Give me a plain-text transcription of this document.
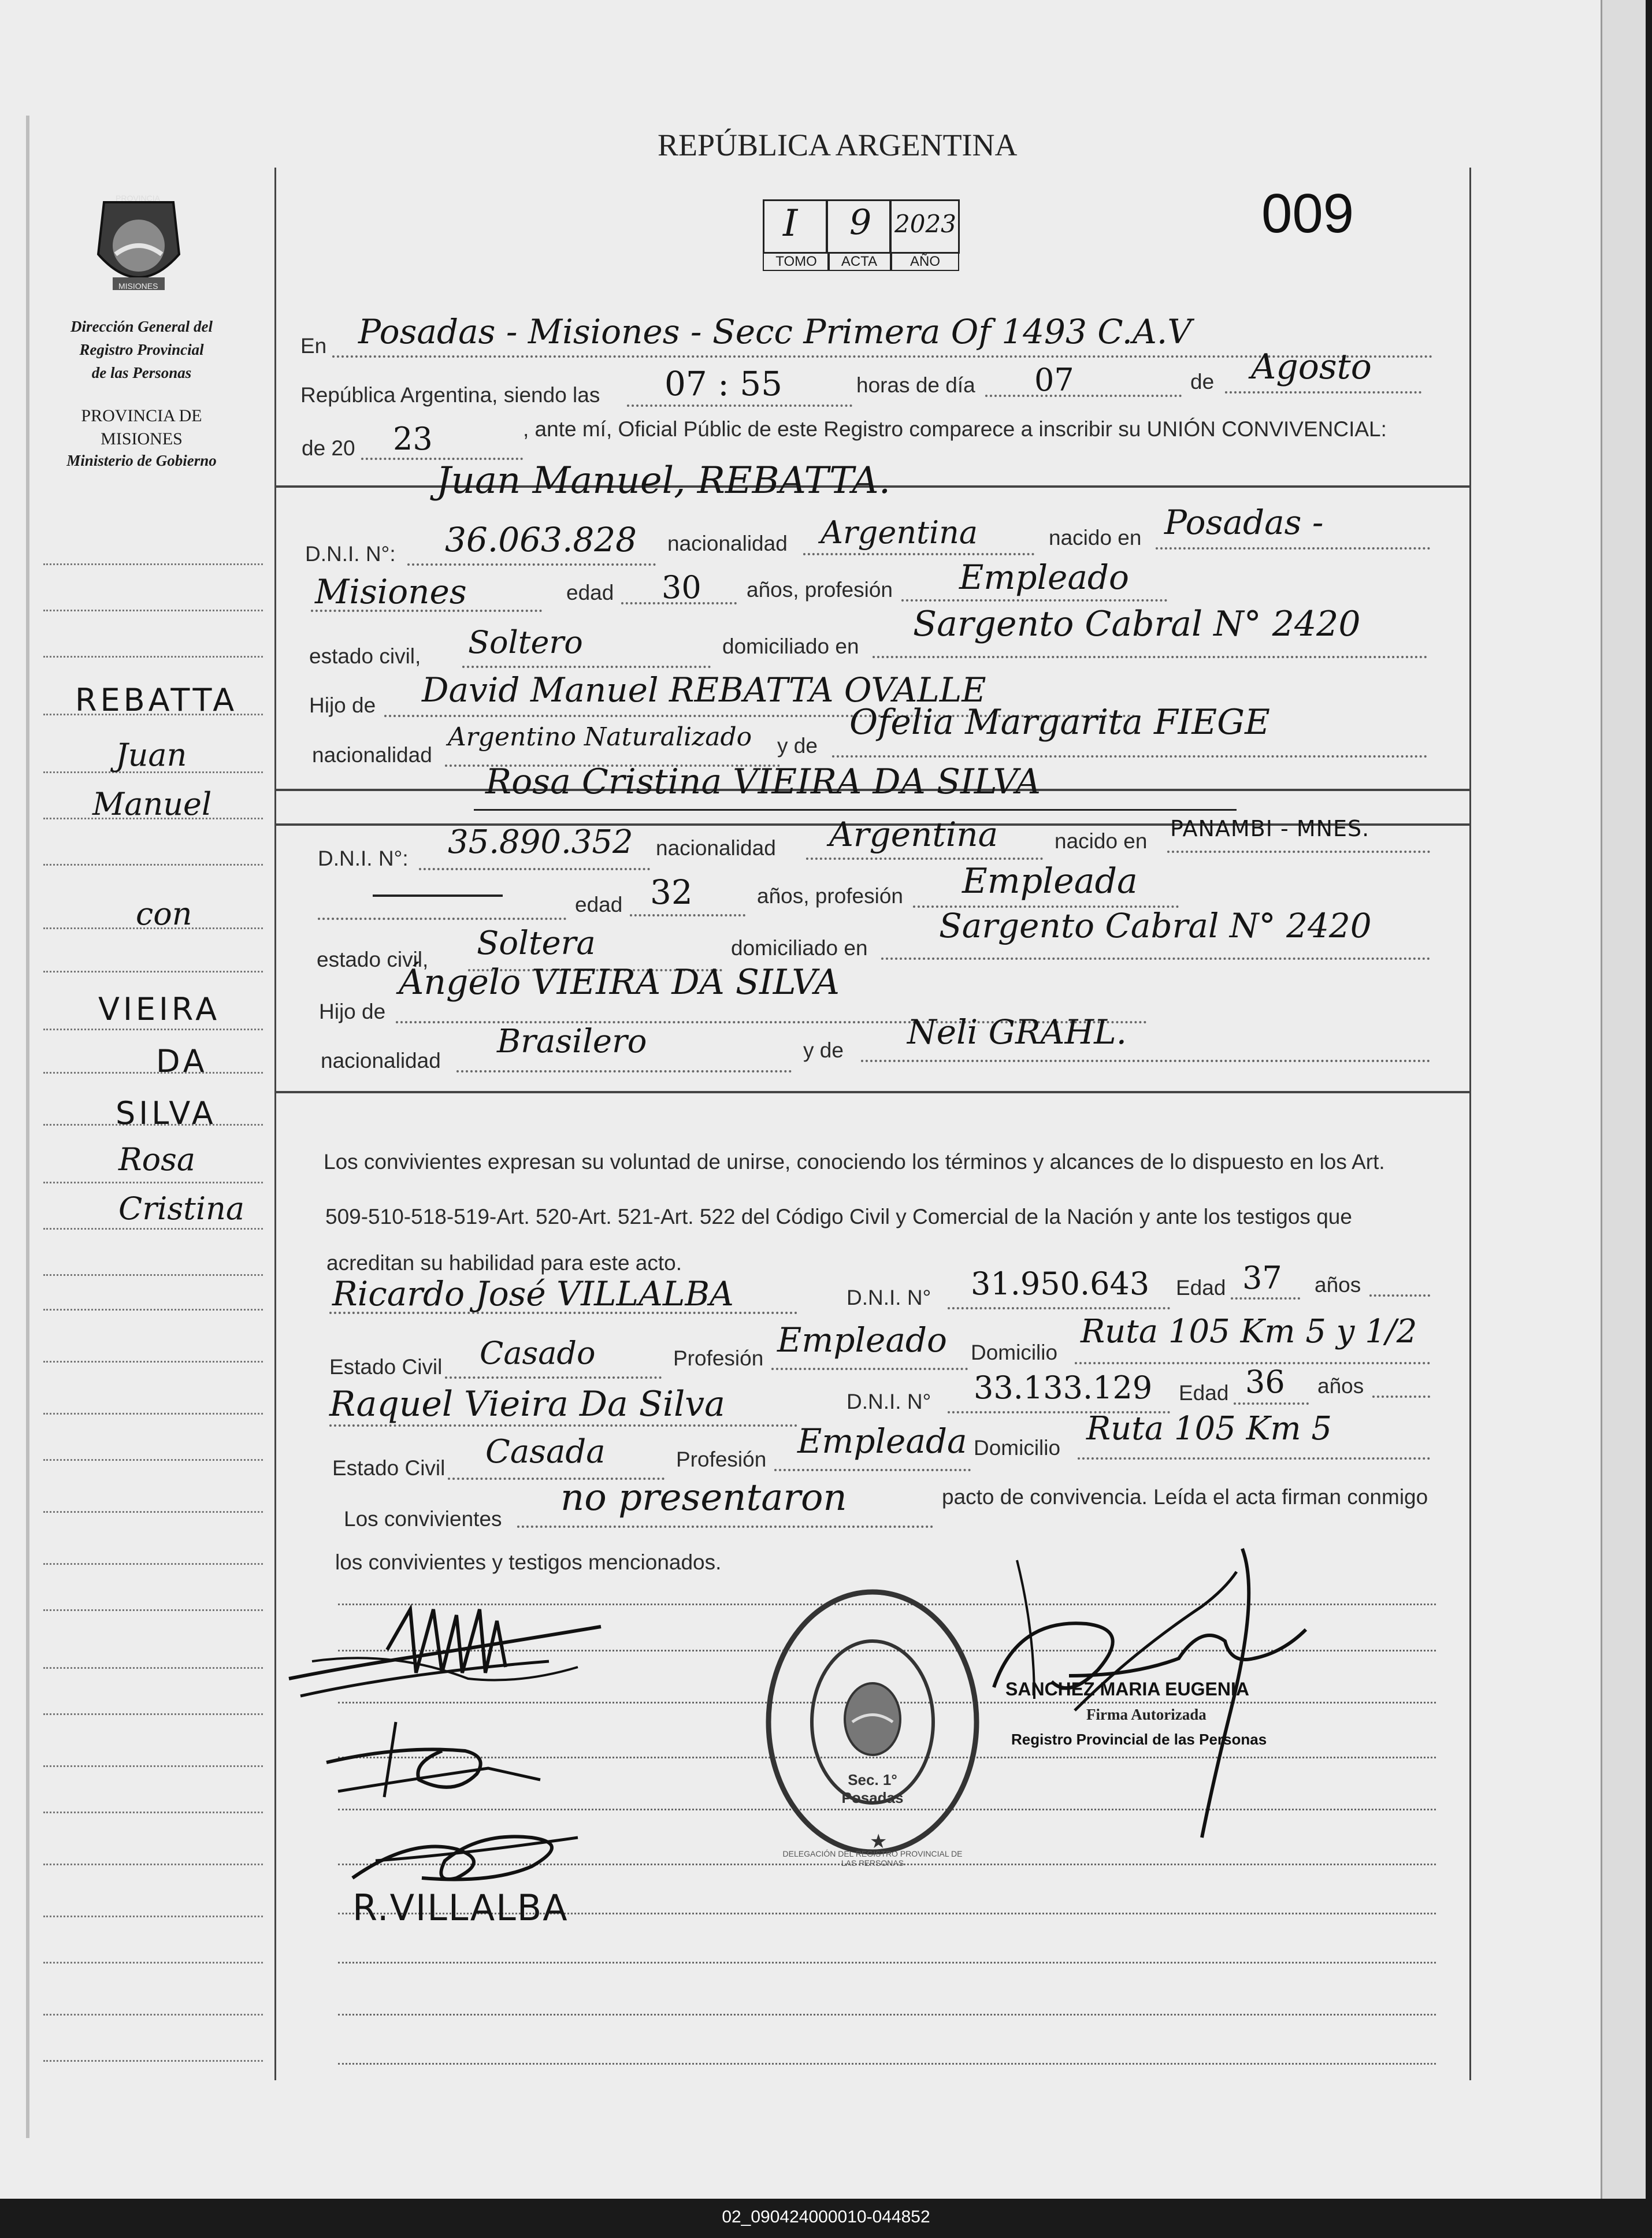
02_090424000010-044852
REPÚBLICA ARGENTINA
009
I 9 2023
TOMO	ACTA	AÑO
PROVINCIA
MISIONES
Dirección General del
Registro Provincial
de las Personas
PROVINCIA DE
MISIONES
Ministerio de Gobierno
REBATTA
Juan
Manuel
con
VIEIRA
DA
SILVA
Rosa
Cristina
En Posadas - Misiones - Secc Primera Of 1493 C.A.V
República Argentina, siendo las 07 : 55	horas de día 07	de Agosto
de 20 23	, ante mí, Oficial Públic de este Registro comparece a inscribir su UNIÓN CONVIVENCIAL:
Juan Manuel, REBATTA.
D.N.I. N°: 36.063.828 nacionalidad Argentina	nacido en Posadas -
Misiones	edad 30 años, profesión Empleado
estado civil, Soltero	domiciliado en
Sargento Cabral N° 2420
Hijo de David Manuel REBATTA OVALLE
nacionalidad
Argentino Naturalizado y de
Ofelia Margarita FIEGE
Rosa Cristina VIEIRA DA SILVA
D.N.I. N°: 35.890.352 nacionalidad Argentina	nacido en PANAMBI - MNES.
edad 32	años, profesión Empleada
estado civil, Soltera	domiciliado en
Sargento Cabral N° 2420
Hijo de
Ángelo VIEIRA DA SILVA
nacionalidad
Brasilero	y de Neli GRAHL.
Los convivientes expresan su voluntad de unirse, conociendo los términos y alcances de lo dispuesto en los Art.
509-510-518-519-Art. 520-Art. 521-Art. 522 del Código Civil y Comercial de la Nación y ante los testigos que
acreditan su habilidad para este acto.
Ricardo José VILLALBA	D.N.I. N° 31.950.643 Edad 37 años
Estado Civil Casado	Profesión Empleado Domicilio
Ruta 105 Km 5 y 1/2
Raquel Vieira Da Silva	D.N.I. N° 33.133.129 Edad 36 años
Estado Civil Casada	Profesión Empleada Domicilio
Ruta 105 Km 5
Los convivientes no presentaron	pacto de convivencia. Leída el acta firman conmigo
los convivientes y testigos mencionados.
R.VILLALBA
★
DELEGACIÓN DEL REGISTRO PROVINCIAL DE LAS PERSONAS
Sec. 1° Posadas
SANCHEZ MARIA EUGENIA
Firma Autorizada
Registro Provincial de las Personas
